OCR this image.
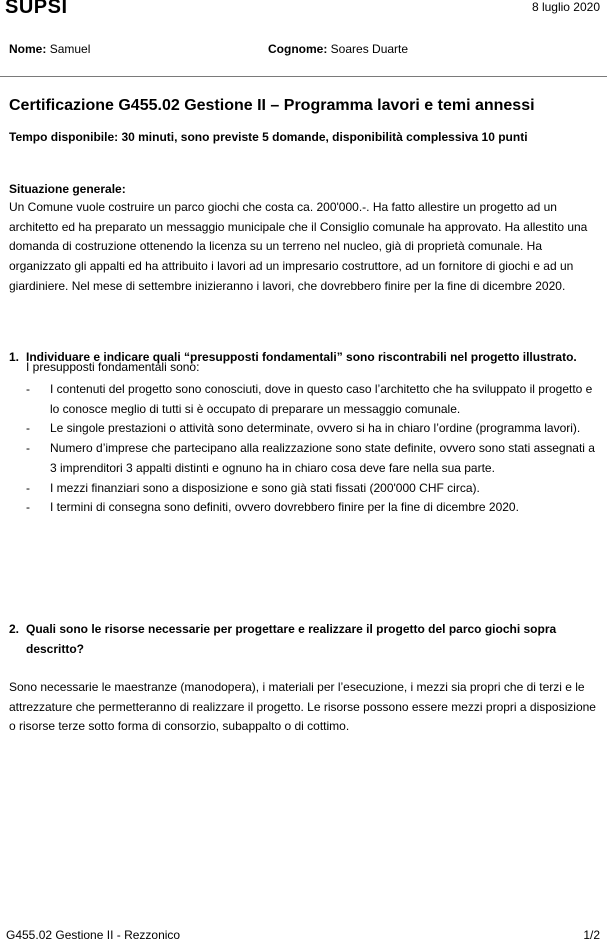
SUPSI	8 luglio 2020
Nome: Samuel	Cognome: Soares Duarte
Certificazione G455.02 Gestione II – Programma lavori e temi annessi
Tempo disponibile: 30 minuti, sono previste 5 domande, disponibilità complessiva 10 punti
Situazione generale:
Un Comune vuole costruire un parco giochi che costa ca. 200'000.-. Ha fatto allestire un progetto ad un architetto ed ha preparato un messaggio municipale che il Consiglio comunale ha approvato. Ha allestito una domanda di costruzione ottenendo la licenza su un terreno nel nucleo, già di proprietà comunale. Ha organizzato gli appalti ed ha attribuito i lavori ad un impresario costruttore, ad un fornitore di giochi e ad un giardiniere. Nel mese di settembre inizieranno i lavori, che dovrebbero finire per la fine di dicembre 2020.
1. Individuare e indicare quali “presupposti fondamentali” sono riscontrabili nel progetto illustrato.
I presupposti fondamentali sono:
- I contenuti del progetto sono conosciuti, dove in questo caso l’architetto che ha sviluppato il progetto e lo conosce meglio di tutti si è occupato di preparare un messaggio comunale.
- Le singole prestazioni o attività sono determinate, ovvero si ha in chiaro l’ordine (programma lavori).
- Numero d’imprese che partecipano alla realizzazione sono state definite, ovvero sono stati assegnati a 3 imprenditori 3 appalti distinti e ognuno ha in chiaro cosa deve fare nella sua parte.
- I mezzi finanziari sono a disposizione e sono già stati fissati (200'000 CHF circa).
- I termini di consegna sono definiti, ovvero dovrebbero finire per la fine di dicembre 2020.
2. Quali sono le risorse necessarie per progettare e realizzare il progetto del parco giochi sopra descritto?
Sono necessarie le maestranze (manodopera), i materiali per l’esecuzione, i mezzi sia propri che di terzi e le attrezzature che permetteranno di realizzare il progetto. Le risorse possono essere mezzi propri a disposizione o risorse terze sotto forma di consorzio, subappalto o di cottimo.
G455.02 Gestione II - Rezzonico	1/2
